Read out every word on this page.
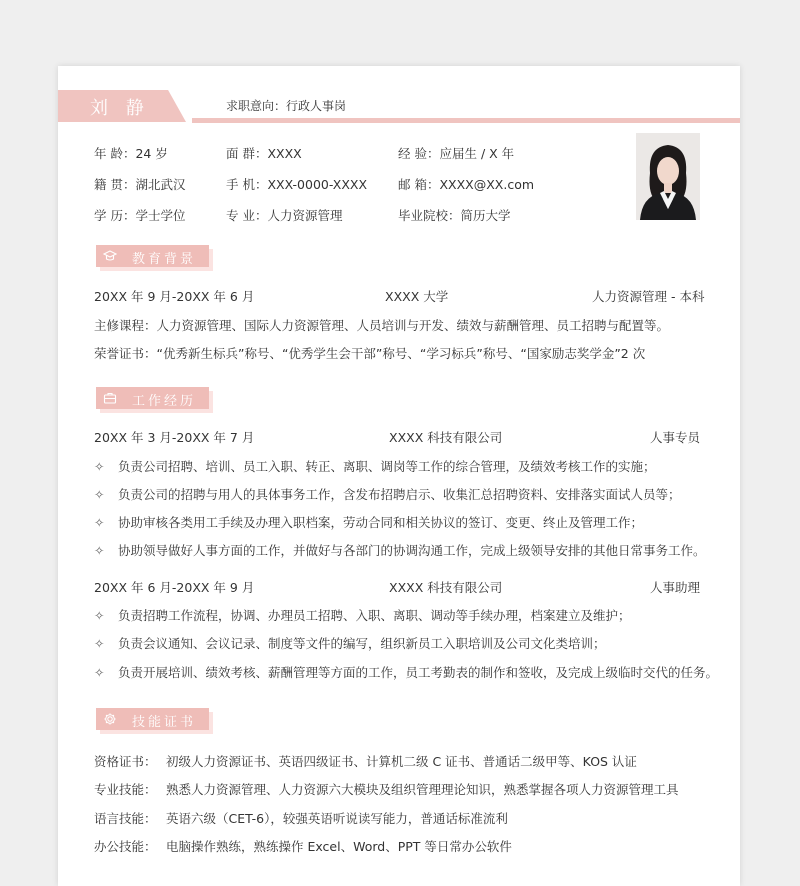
刘 静	求职意向：行政人事岗
年 龄：24 岁	面 群：XXXX	经 验：应届生 / X 年
籍 贯：湖北武汉	手 机：XXX-0000-XXXX 邮 箱：XXXX@XX.com
学 历：学士学位	专 业：人力资源管理	毕业院校：简历大学
教育背景
20XX 年 9 月-20XX 年 6 月	XXXX 大学	人力资源管理 - 本科
主修课程：人力资源管理、国际人力资源管理、人员培训与开发、绩效与薪酬管理、员工招聘与配置等。
荣誉证书：“优秀新生标兵”称号、“优秀学生会干部”称号、“学习标兵”称号、“国家励志奖学金”2 次
工作经历
20XX 年 3 月-20XX 年 7 月	XXXX 科技有限公司	人事专员
✧ 负责公司招聘、培训、员工入职、转正、离职、调岗等工作的综合管理，及绩效考核工作的实施；
✧ 负责公司的招聘与用人的具体事务工作，含发布招聘启示、收集汇总招聘资料、安排落实面试人员等；
✧ 协助审核各类用工手续及办理入职档案，劳动合同和相关协议的签订、变更、终止及管理工作；
✧ 协助领导做好人事方面的工作，并做好与各部门的协调沟通工作，完成上级领导安排的其他日常事务工作。
20XX 年 6 月-20XX 年 9 月	XXXX 科技有限公司	人事助理
✧ 负责招聘工作流程，协调、办理员工招聘、入职、离职、调动等手续办理，档案建立及维护；
✧ 负责会议通知、会议记录、制度等文件的编写，组织新员工入职培训及公司文化类培训；
✧ 负责开展培训、绩效考核、薪酬管理等方面的工作，员工考勤表的制作和签收，及完成上级临时交代的任务。
技能证书
资格证书： 初级人力资源证书、英语四级证书、计算机二级 C 证书、普通话二级甲等、KOS 认证
专业技能： 熟悉人力资源管理、人力资源六大模块及组织管理理论知识，熟悉掌握各项人力资源管理工具
语言技能： 英语六级（CET-6），较强英语听说读写能力，普通话标准流利
办公技能： 电脑操作熟练，熟练操作 Excel、Word、PPT 等日常办公软件
